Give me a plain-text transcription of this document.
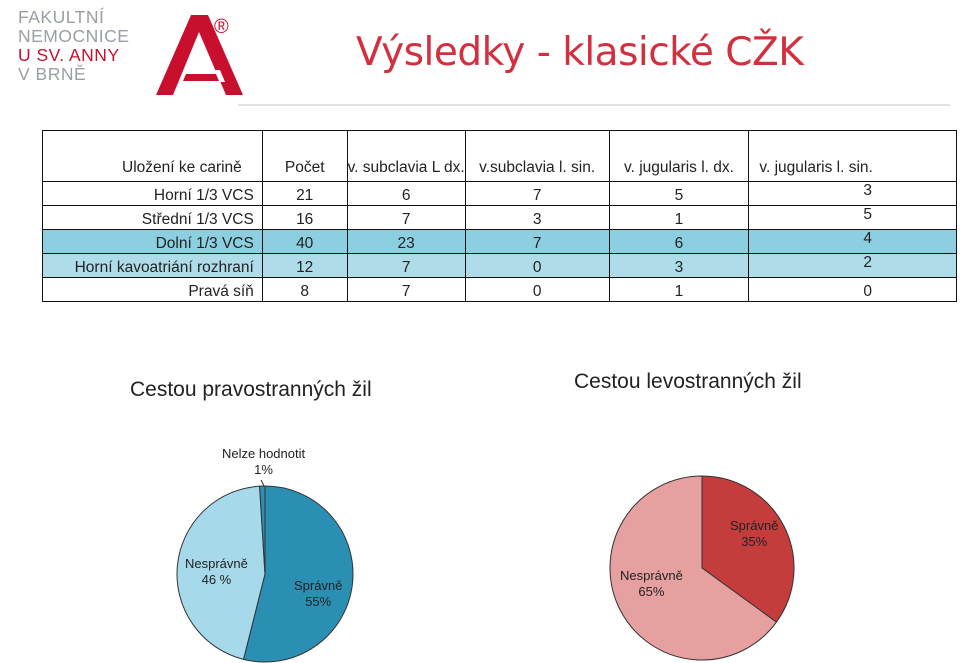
FAKULTNÍ
NEMOCNICE
U SV. ANNY
V BRNĚ
®
Výsledky - klasické CŽK
Uložení ke carině	Počet	v. subclavia L dx.	v.subclavia l. sin.	v. jugularis l. dx.	v. jugularis l. sin.
Horní 1/3 VCS	21	6	7	5	3
Střední 1/3 VCS	16	7	3	1	5
Dolní 1/3 VCS	40	23	7	6	4
Horní kavoatriání rozhraní	12	7	0	3	2
Pravá síň	8	7	0	1	0
Cestou pravostranných žil	Cestou levostranných žil
Nelze hodnotit
1%
Nesprávně
46 %	Správně
55%
Správně
35%
Nesprávně
65%
